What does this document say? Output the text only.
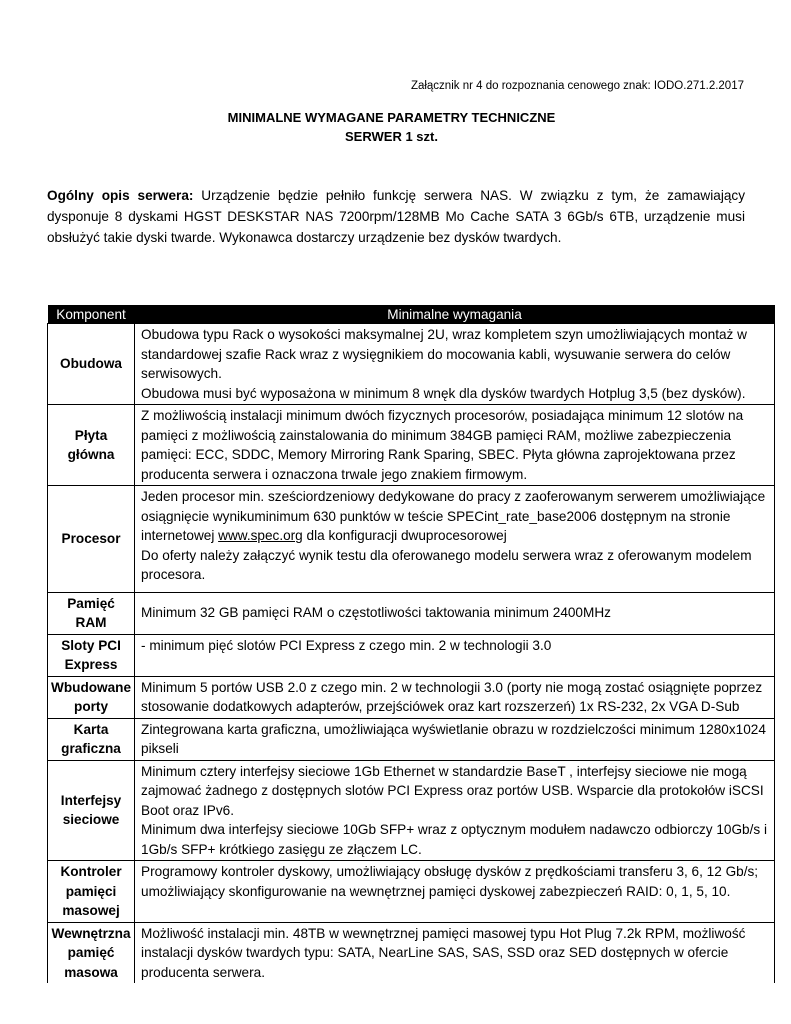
Załącznik nr 4 do rozpoznania cenowego znak: IODO.271.2.2017
MINIMALNE WYMAGANE PARAMETRY TECHNICZNE
SERWER 1 szt.
Ogólny opis serwera: Urządzenie będzie pełniło funkcję serwera NAS. W związku z tym, że zamawiający dysponuje 8 dyskami HGST DESKSTAR NAS 7200rpm/128MB Mo Cache SATA 3 6Gb/s 6TB, urządzenie musi obsłużyć takie dyski twarde. Wykonawca dostarczy urządzenie bez dysków twardych.
Komponent	Minimalne wymagania
Obudowa	Obudowa typu Rack o wysokości maksymalnej 2U, wraz kompletem szyn umożliwiających montaż w standardowej szafie Rack wraz z wysięgnikiem do mocowania kabli, wysuwanie serwera do celów serwisowych.
Obudowa musi być wyposażona w minimum 8 wnęk dla dysków twardych Hotplug 3,5 (bez dysków).

Płyta główna	Z możliwością instalacji minimum dwóch fizycznych procesorów, posiadająca minimum 12 slotów na pamięci z możliwością zainstalowania do minimum 384GB pamięci RAM, możliwe zabezpieczenia pamięci: ECC, SDDC, Memory Mirroring Rank Sparing, SBEC. Płyta główna zaprojektowana przez producenta serwera i oznaczona trwale jego znakiem firmowym.

Procesor	Jeden procesor min. sześciordzeniowy dedykowane do pracy z zaoferowanym serwerem umożliwiające osiągnięcie wynikuminimum 630 punktów w teście SPECint_rate_base2006 dostępnym na stronie internetowej www.spec.org dla konfiguracji dwuprocesorowej
Do oferty należy załączyć wynik testu dla oferowanego modelu serwera wraz z oferowanym modelem procesora.

Pamięć RAM	Minimum 32 GB pamięci RAM o częstotliwości taktowania minimum 2400MHz

Sloty PCI Express	- minimum pięć slotów PCI Express z czego min. 2 w technologii 3.0

Wbudowane porty	Minimum 5 portów USB 2.0 z czego min. 2 w technologii 3.0 (porty nie mogą zostać osiągnięte poprzez stosowanie dodatkowych adapterów, przejściówek oraz kart rozszerzeń) 1x RS-232, 2x VGA D-Sub

Karta graficzna	Zintegrowana karta graficzna, umożliwiająca wyświetlanie obrazu w rozdzielczości minimum 1280x1024 pikseli

Interfejsy sieciowe	Minimum cztery interfejsy sieciowe 1Gb Ethernet w standardzie BaseT , interfejsy sieciowe nie mogą zajmować żadnego z dostępnych slotów PCI Express oraz portów USB. Wsparcie dla protokołów iSCSI Boot oraz IPv6.
Minimum dwa interfejsy sieciowe 10Gb SFP+ wraz z optycznym modułem nadawczo odbiorczy 10Gb/s i 1Gb/s SFP+ krótkiego zasięgu ze złączem LC.

Kontroler pamięci masowej	Programowy kontroler dyskowy, umożliwiający obsługę dysków z prędkościami transferu 3, 6, 12 Gb/s; umożliwiający skonfigurowanie na wewnętrznej pamięci dyskowej zabezpieczeń RAID: 0, 1, 5, 10.

Wewnętrzna pamięć masowa	Możliwość instalacji min. 48TB w wewnętrznej pamięci masowej typu Hot Plug 7.2k RPM, możliwość instalacji dysków twardych typu: SATA, NearLine SAS, SAS, SSD oraz SED dostępnych w ofercie producenta serwera.
